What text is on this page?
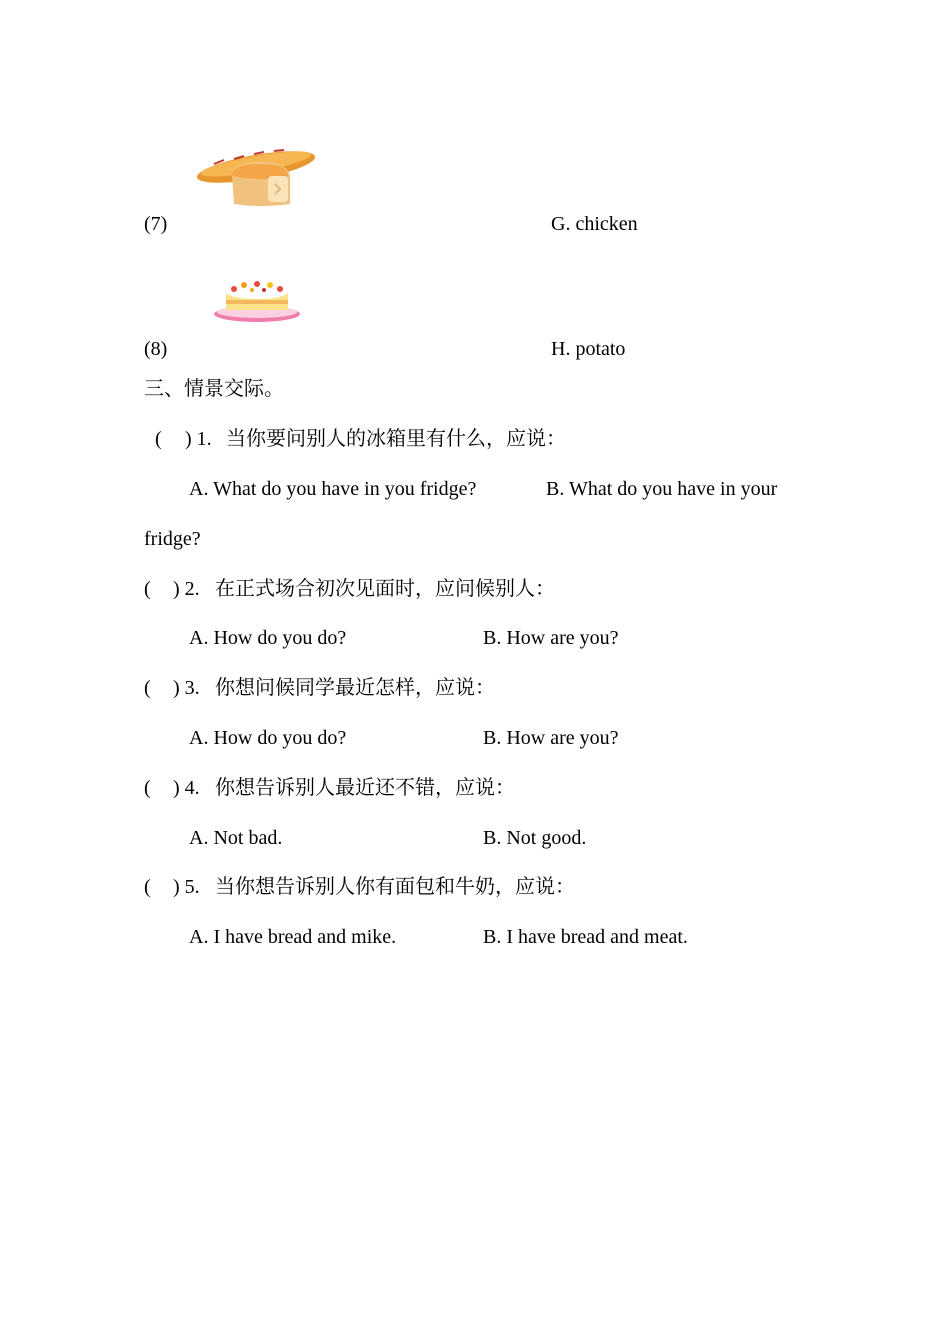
(7)	G. chicken
(8)	H. potato
三、情景交际。
( ) 1. 当你要问别人的冰箱里有什么，应说：
A. What do you have in you fridge?	B. What do you have in your
fridge?
( ) 2. 在正式场合初次见面时，应问候别人：
A. How do you do?	B. How are you?
( ) 3. 你想问候同学最近怎样，应说：
A. How do you do?	B. How are you?
( ) 4. 你想告诉别人最近还不错，应说：
A. Not bad.	B. Not good.
( ) 5. 当你想告诉别人你有面包和牛奶，应说：
A. I have bread and mike.	B. I have bread and meat.
